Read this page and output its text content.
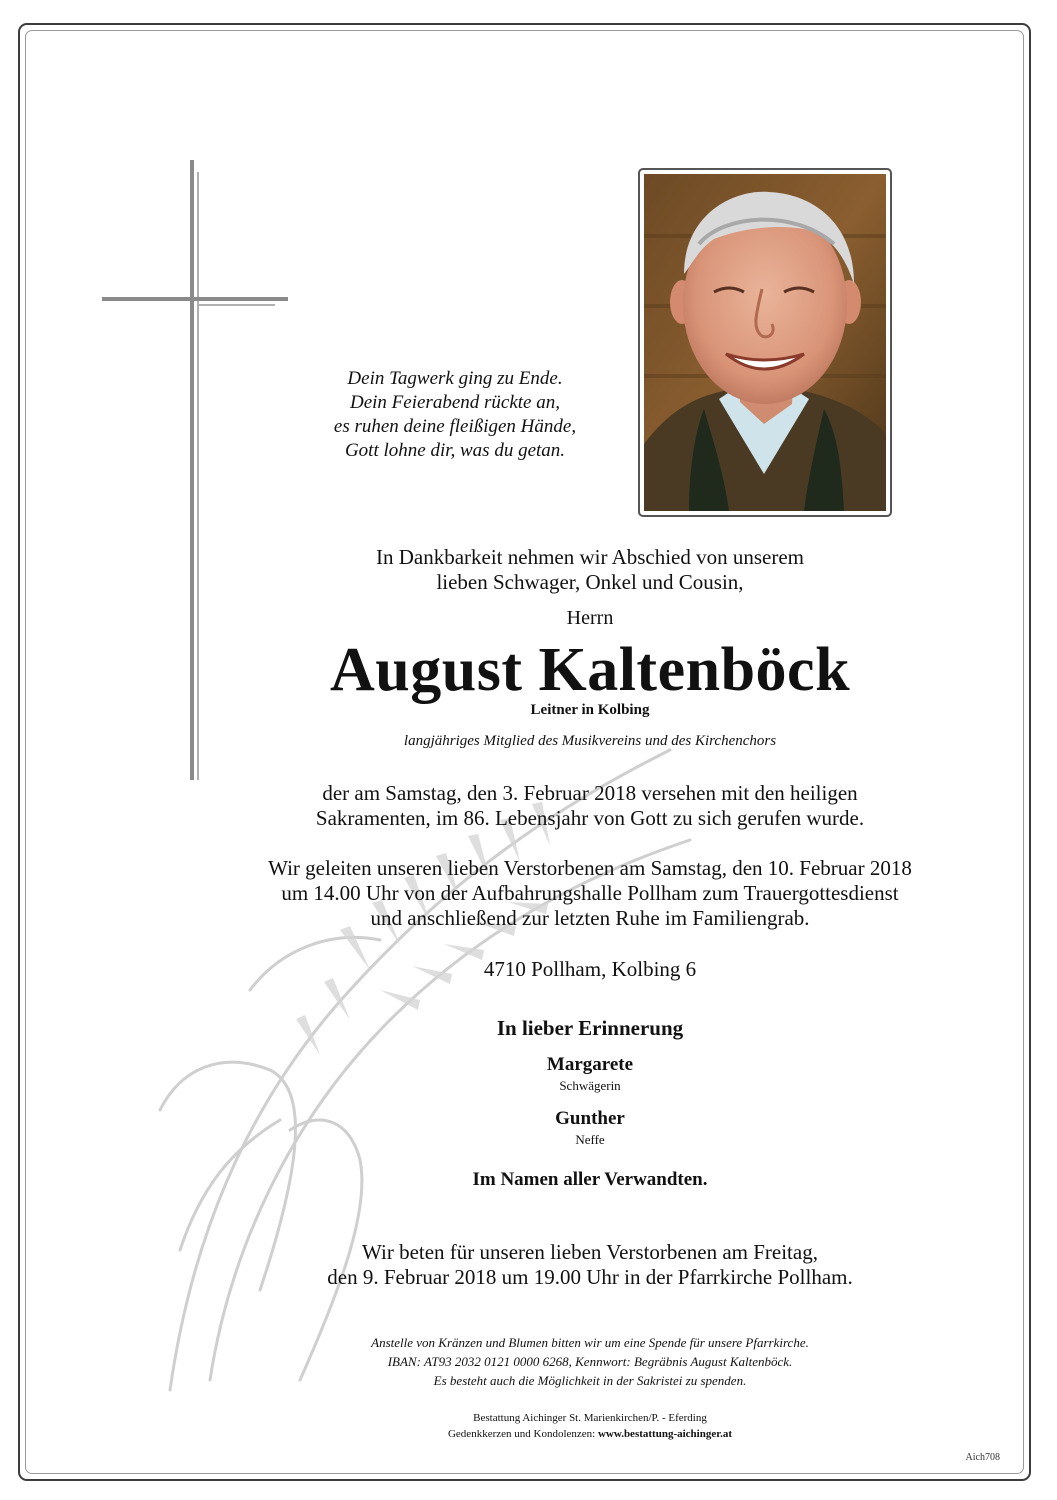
Dein Tagwerk ging zu Ende.
Dein Feierabend rückte an,
es ruhen deine fleißigen Hände,
Gott lohne dir, was du getan.
In Dankbarkeit nehmen wir Abschied von unserem
lieben Schwager, Onkel und Cousin,
Herrn
August Kaltenböck
Leitner in Kolbing
langjähriges Mitglied des Musikvereins und des Kirchenchors
der am Samstag, den 3. Februar 2018 versehen mit den heiligen
Sakramenten, im 86. Lebensjahr von Gott zu sich gerufen wurde.
Wir geleiten unseren lieben Verstorbenen am Samstag, den 10. Februar 2018
um 14.00 Uhr von der Aufbahrungshalle Pollham zum Trauergottesdienst
und anschließend zur letzten Ruhe im Familiengrab.
4710 Pollham, Kolbing 6
In lieber Erinnerung
Margarete
Schwägerin
Gunther
Neffe
Im Namen aller Verwandten.
Wir beten für unseren lieben Verstorbenen am Freitag,
den 9. Februar 2018 um 19.00 Uhr in der Pfarrkirche Pollham.
Anstelle von Kränzen und Blumen bitten wir um eine Spende für unsere Pfarrkirche.
IBAN: AT93 2032 0121 0000 6268, Kennwort: Begräbnis August Kaltenböck.
Es besteht auch die Möglichkeit in der Sakristei zu spenden.
Bestattung Aichinger St. Marienkirchen/P. - Eferding
Gedenkkerzen und Kondolenzen: www.bestattung-aichinger.at
Aich708
